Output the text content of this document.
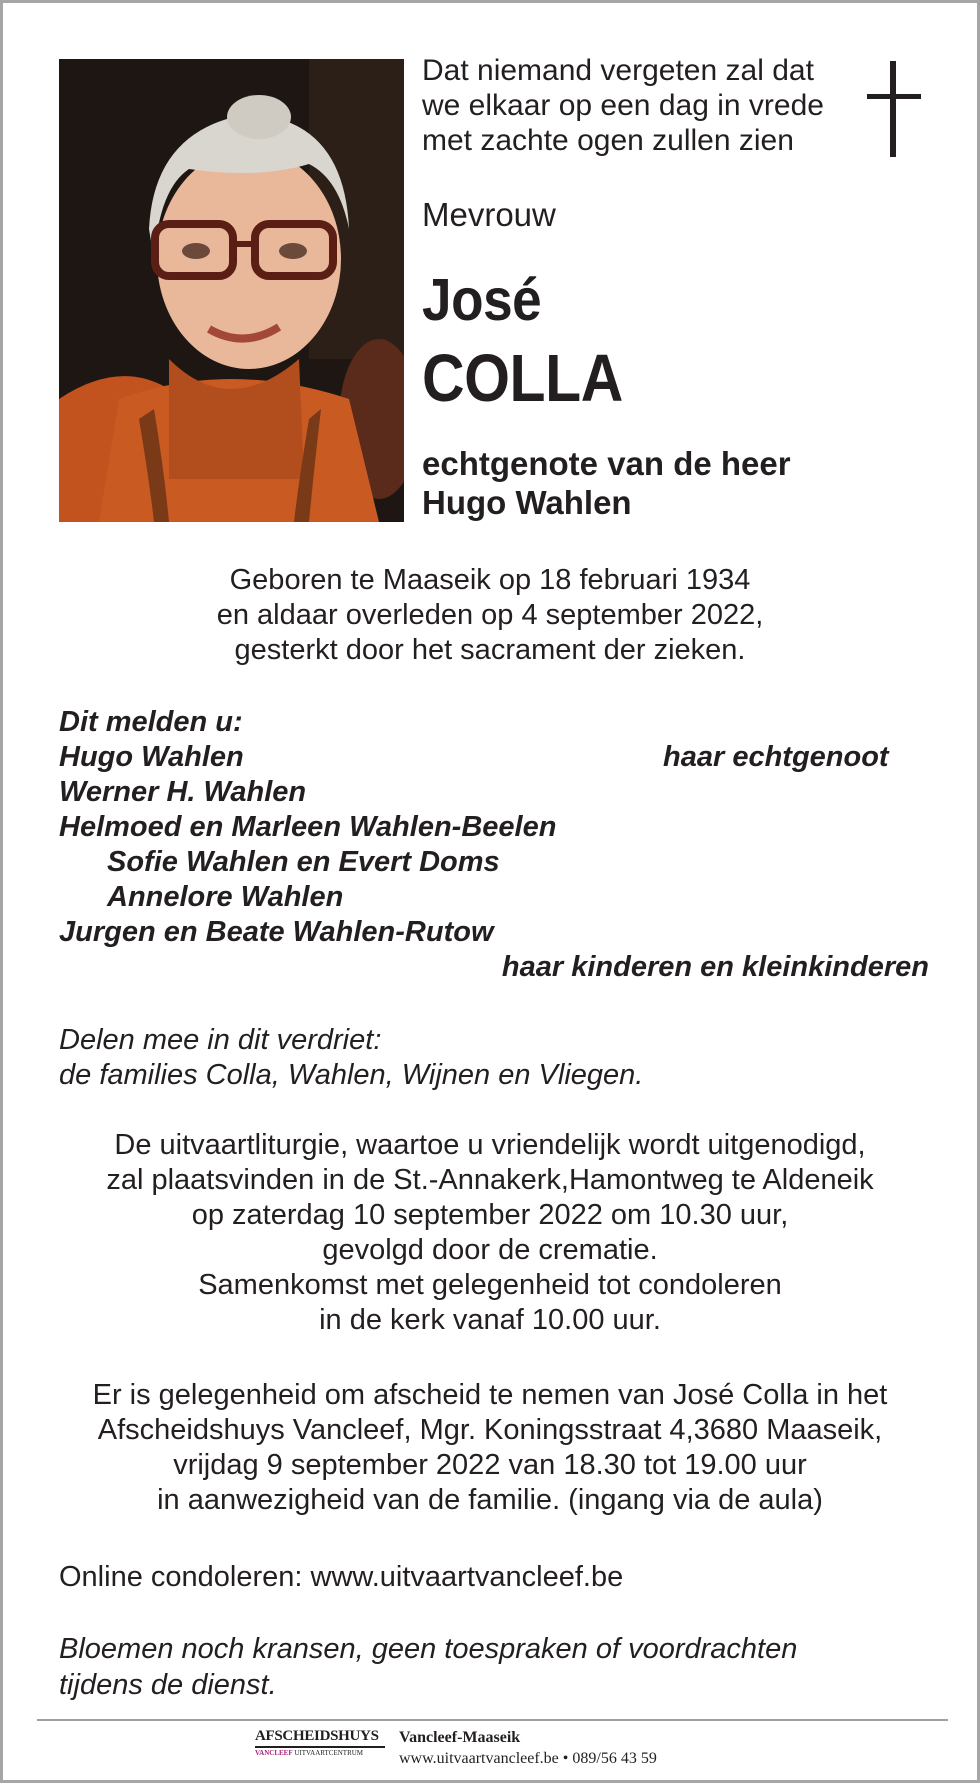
Dat niemand vergeten zal dat
we elkaar op een dag in vrede
met zachte ogen zullen zien
Mevrouw
José
COLLA
echtgenote van de heer
Hugo Wahlen
Geboren te Maaseik op 18 februari 1934
en aldaar overleden op 4 september 2022,
gesterkt door het sacrament der zieken.
Dit melden u:
Hugo Wahlen	haar echtgenoot
Werner H. Wahlen
Helmoed en Marleen Wahlen-Beelen
Sofie Wahlen en Evert Doms
Annelore Wahlen
Jurgen en Beate Wahlen-Rutow
haar kinderen en kleinkinderen
Delen mee in dit verdriet:
de families Colla, Wahlen, Wijnen en Vliegen.
De uitvaartliturgie, waartoe u vriendelijk wordt uitgenodigd,
zal plaatsvinden in de St.-Annakerk,Hamontweg te Aldeneik
op zaterdag 10 september 2022 om 10.30 uur,
gevolgd door de crematie.
Samenkomst met gelegenheid tot condoleren
in de kerk vanaf 10.00 uur.
Er is gelegenheid om afscheid te nemen van José Colla in het
Afscheidshuys Vancleef, Mgr. Koningsstraat 4,3680 Maaseik,
vrijdag 9 september 2022 van 18.30 tot 19.00 uur
in aanwezigheid van de familie. (ingang via de aula)
Online condoleren: www.uitvaartvancleef.be
Bloemen noch kransen, geen toespraken of voordrachten
tijdens de dienst.
AFSCHEIDSHUYS
VANCLEEF UITVAARTCENTRUM
Vancleef-Maaseik
www.uitvaartvancleef.be • 089/56 43 59
